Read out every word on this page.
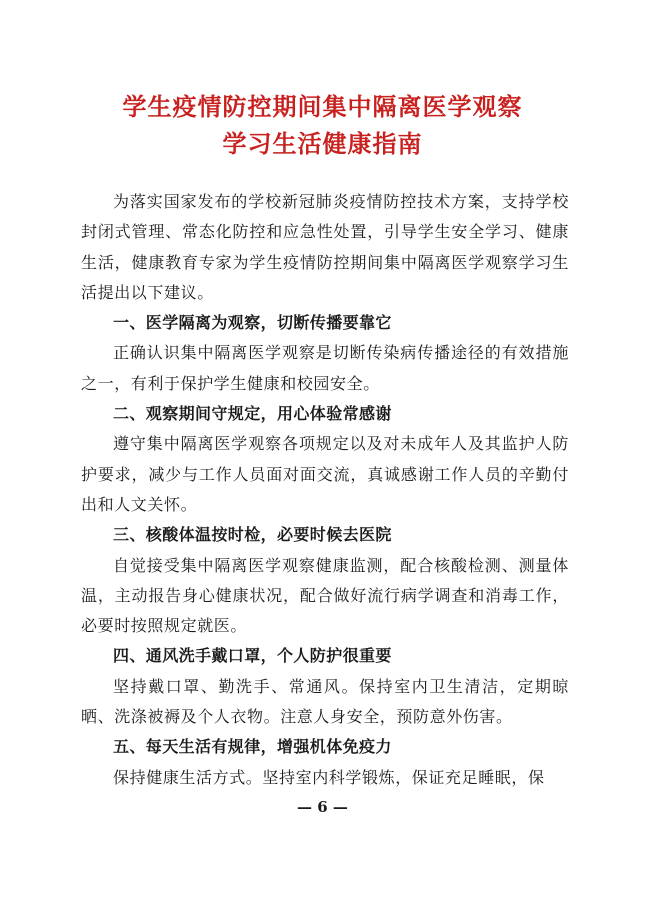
学生疫情防控期间集中隔离医学观察
学习生活健康指南

为落实国家发布的学校新冠肺炎疫情防控技术方案，支持学校封闭式管理、常态化防控和应急性处置，引导学生安全学习、健康生活，健康教育专家为学生疫情防控期间集中隔离医学观察学习生活提出以下建议。

一、医学隔离为观察，切断传播要靠它

正确认识集中隔离医学观察是切断传染病传播途径的有效措施之一，有利于保护学生健康和校园安全。

二、观察期间守规定，用心体验常感谢

遵守集中隔离医学观察各项规定以及对未成年人及其监护人防护要求，减少与工作人员面对面交流，真诚感谢工作人员的辛勤付出和人文关怀。

三、核酸体温按时检，必要时候去医院

自觉接受集中隔离医学观察健康监测，配合核酸检测、测量体温，主动报告身心健康状况，配合做好流行病学调查和消毒工作，必要时按照规定就医。

四、通风洗手戴口罩，个人防护很重要

坚持戴口罩、勤洗手、常通风。保持室内卫生清洁，定期晾晒、洗涤被褥及个人衣物。注意人身安全，预防意外伤害。

五、每天生活有规律，增强机体免疫力

保持健康生活方式。坚持室内科学锻炼，保证充足睡眠，保

— 6 —
